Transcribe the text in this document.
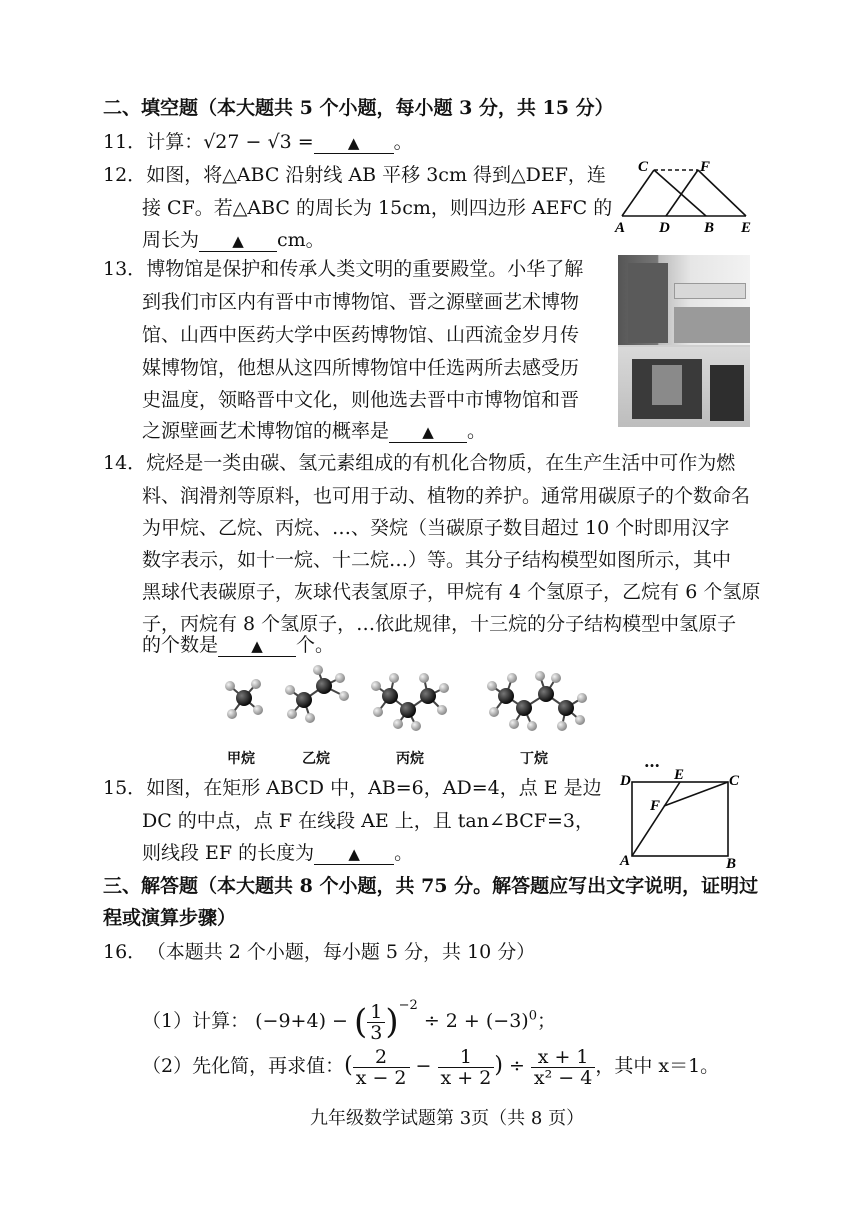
二、填空题（本大题共 5 个小题，每小题 3 分，共 15 分）
11．计算：√27 − √3 = ▲ 。
12．如图，将△ABC 沿射线 AB 平移 3cm 得到△DEF，连
接 CF。若△ABC 的周长为 15cm，则四边形 AEFC 的
周长为 ▲ cm。
C	F
A D B E
13．博物馆是保护和传承人类文明的重要殿堂。小华了解
到我们市区内有晋中市博物馆、晋之源壁画艺术博物
馆、山西中医药大学中医药博物馆、山西流金岁月传
媒博物馆，他想从这四所博物馆中任选两所去感受历
史温度，领略晋中文化，则他选去晋中市博物馆和晋
之源壁画艺术博物馆的概率是 ▲ 。
14．烷烃是一类由碳、氢元素组成的有机化合物质，在生产生活中可作为燃
料、润滑剂等原料，也可用于动、植物的养护。通常用碳原子的个数命名
为甲烷、乙烷、丙烷、…、癸烷（当碳原子数目超过 10 个时即用汉字
数字表示，如十一烷、十二烷…）等。其分子结构模型如图所示，其中
黑球代表碳原子，灰球代表氢原子，甲烷有 4 个氢原子，乙烷有 6 个氢原
子，丙烷有 8 个氢原子，…依此规律，十三烷的分子结构模型中氢原子
的个数是 ▲ 个。
甲烷	乙烷	丙烷	丁烷	…
15．如图，在矩形 ABCD 中，AB=6，AD=4，点 E 是边
DC 的中点，点 F 在线段 AE 上，且 tan∠BCF=3，
则线段 EF 的长度为 ▲ 。
D	E	C
F
A	B
三、解答题（本大题共 8 个小题，共 75 分。解答题应写出文字说明，证明过
程或演算步骤）
16． （本题共 2 个小题，每小题 5 分，共 10 分）
（1）计算： (−9+4) − ( $\frac{1}{3} )^{-2} \div 2 + (-3)^0$；
（2）先化简，再求值：( $\frac{2}{x - 2} - \frac{1}{x + 2}$ ) ÷ $\frac{x + 1}{\text{x² − 4}}$ ，其中 x＝1。
九年级数学试题第 3页（共 8 页）
